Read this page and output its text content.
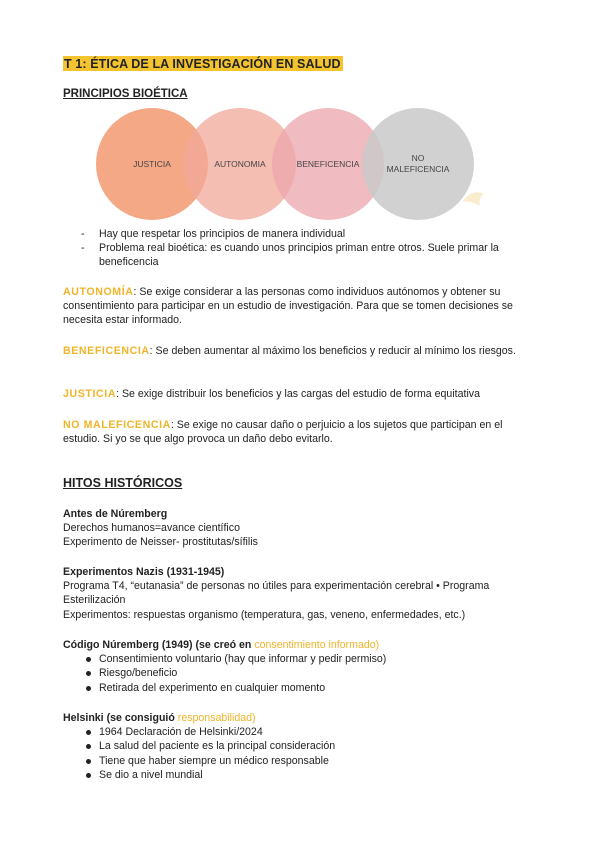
T 1: ÉTICA DE LA INVESTIGACIÓN EN SALUD
PRINCIPIOS BIOÉTICA
JUSTICIA	AUTONOMIA	BENEFICENCIA
NO
MALEFICENCIA
- Hay que respetar los principios de manera individual
- Problema real bioética: es cuando unos principios priman entre otros. Suele primar la beneficencia
AUTONOMÍA: Se exige considerar a las personas como individuos autónomos y obtener su consentimiento para participar en un estudio de investigación. Para que se tomen decisiones se necesita estar informado.
BENEFICENCIA: Se deben aumentar al máximo los beneficios y reducir al mínimo los riesgos.
JUSTICIA: Se exige distribuir los beneficios y las cargas del estudio de forma equitativa
NO MALEFICENCIA: Se exige no causar daño o perjuicio a los sujetos que participan en el estudio. Si yo se que algo provoca un daño debo evitarlo.
HITOS HISTÓRICOS
Antes de Núremberg
Derechos humanos=avance científico
Experimento de Neisser- prostitutas/sífilis
Experimentos Nazis (1931-1945)
Programa T4, “eutanasia” de personas no útiles para experimentación cerebral • Programa Esterilización
Experimentos: respuestas organismo (temperatura, gas, veneno, enfermedades, etc.)
Código Núremberg (1949) (se creó en consentimiento informado)
Consentimiento voluntario (hay que informar y pedir permiso)
Riesgo/beneficio
Retirada del experimento en cualquier momento
Helsinki (se consiguió responsabilidad)
1964 Declaración de Helsinki/2024
La salud del paciente es la principal consideración
Tiene que haber siempre un médico responsable
Se dio a nivel mundial
